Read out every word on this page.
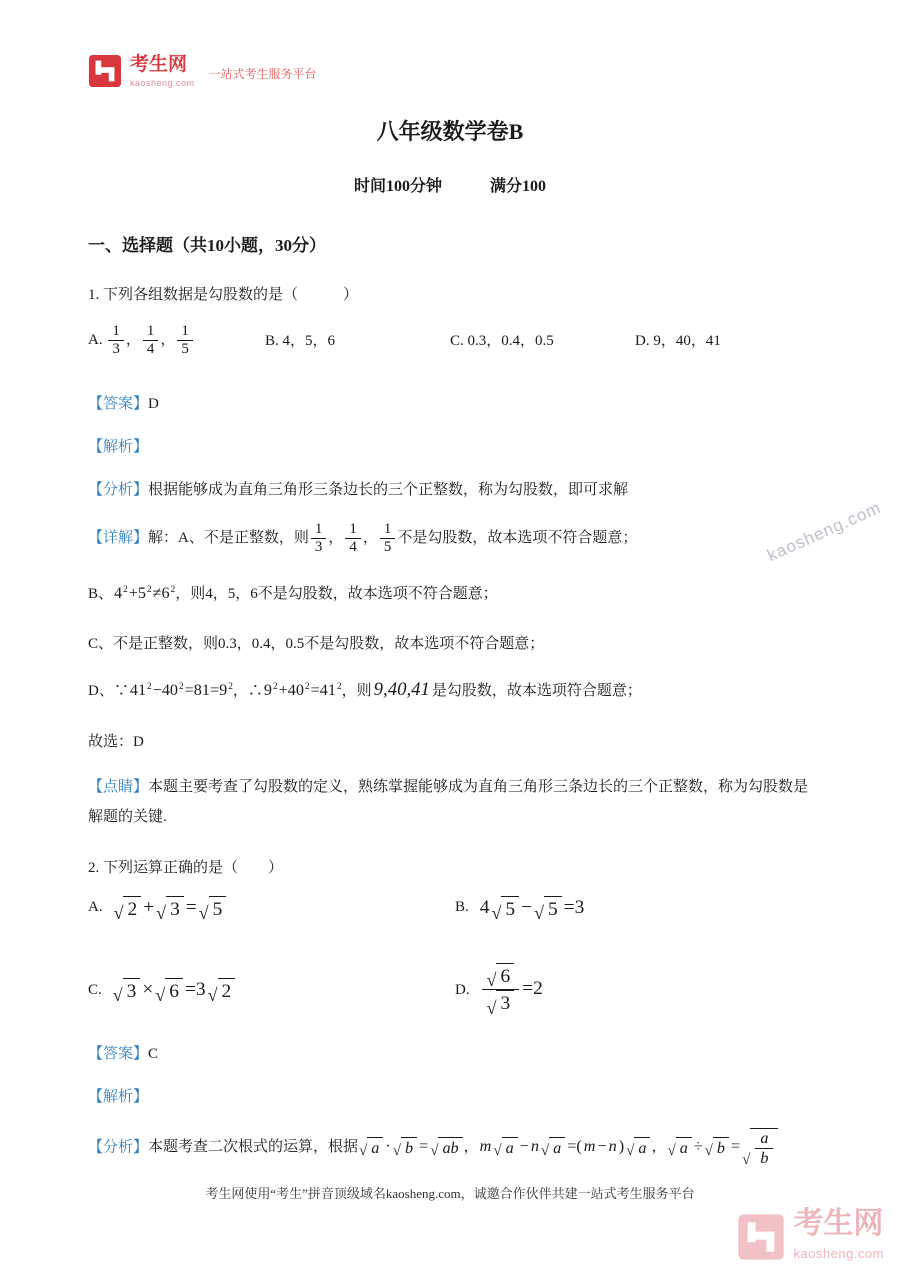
考生网
kaosheng.com
一站式考生服务平台
八年级数学卷B
时间100分钟　　　满分100
一、选择题（共10小题，30分）

1. 下列各组数据是勾股数的是（　　　）

A. $\frac{1}{3}$ ， $\frac{1}{4}$ ， $\frac{1}{5}$	B. 4，5，6	C. 0.3，0.4，0.5	D. 9，40，41

【答案】D

【解析】

【分析】根据能够成为直角三角形三条边长的三个正整数，称为勾股数，即可求解

【详解】解：A、不是正整数，则 $\frac{1}{3}$ ， $\frac{1}{4}$ ， $\frac{1}{5}$ 不是勾股数，故本选项不符合题意；

B、$4^2+5^2\ne 6^2$，则4，5，6不是勾股数，故本选项不符合题意；

C、不是正整数，则0.3，0.4，0.5不是勾股数，故本选项不符合题意；

D、$\because 41^2-40^2=81=9^2$，$\therefore 9^2+40^2=41^2$，则 9,40,41 是勾股数，故本选项符合题意；

故选：D

【点睛】本题主要考查了勾股数的定义，熟练掌握能够成为直角三角形三条边长的三个正整数，称为勾股数是解题的关键.

2. 下列运算正确的是（　　）

A. √ 2 + √ 3 = √ 5	B. 4 √ 5 − √ 5 =3
C. √ 3 × √ 6 =3 √ 2	D. $\frac{√ 6}{√ 3} =2$

【答案】C

【解析】

【分析】本题考查二次根式的运算，根据 √ a · √ b = √ ab ，m √ a − n √ a =( m − n ) √ a ， √ a ÷ √ b =
√ $\frac{a}{b}$

kaosheng.com
考生网使用“考生”拼音顶级域名kaosheng.com，诚邀合作伙伴共建一站式考生服务平台
考生网
kaosheng.com
